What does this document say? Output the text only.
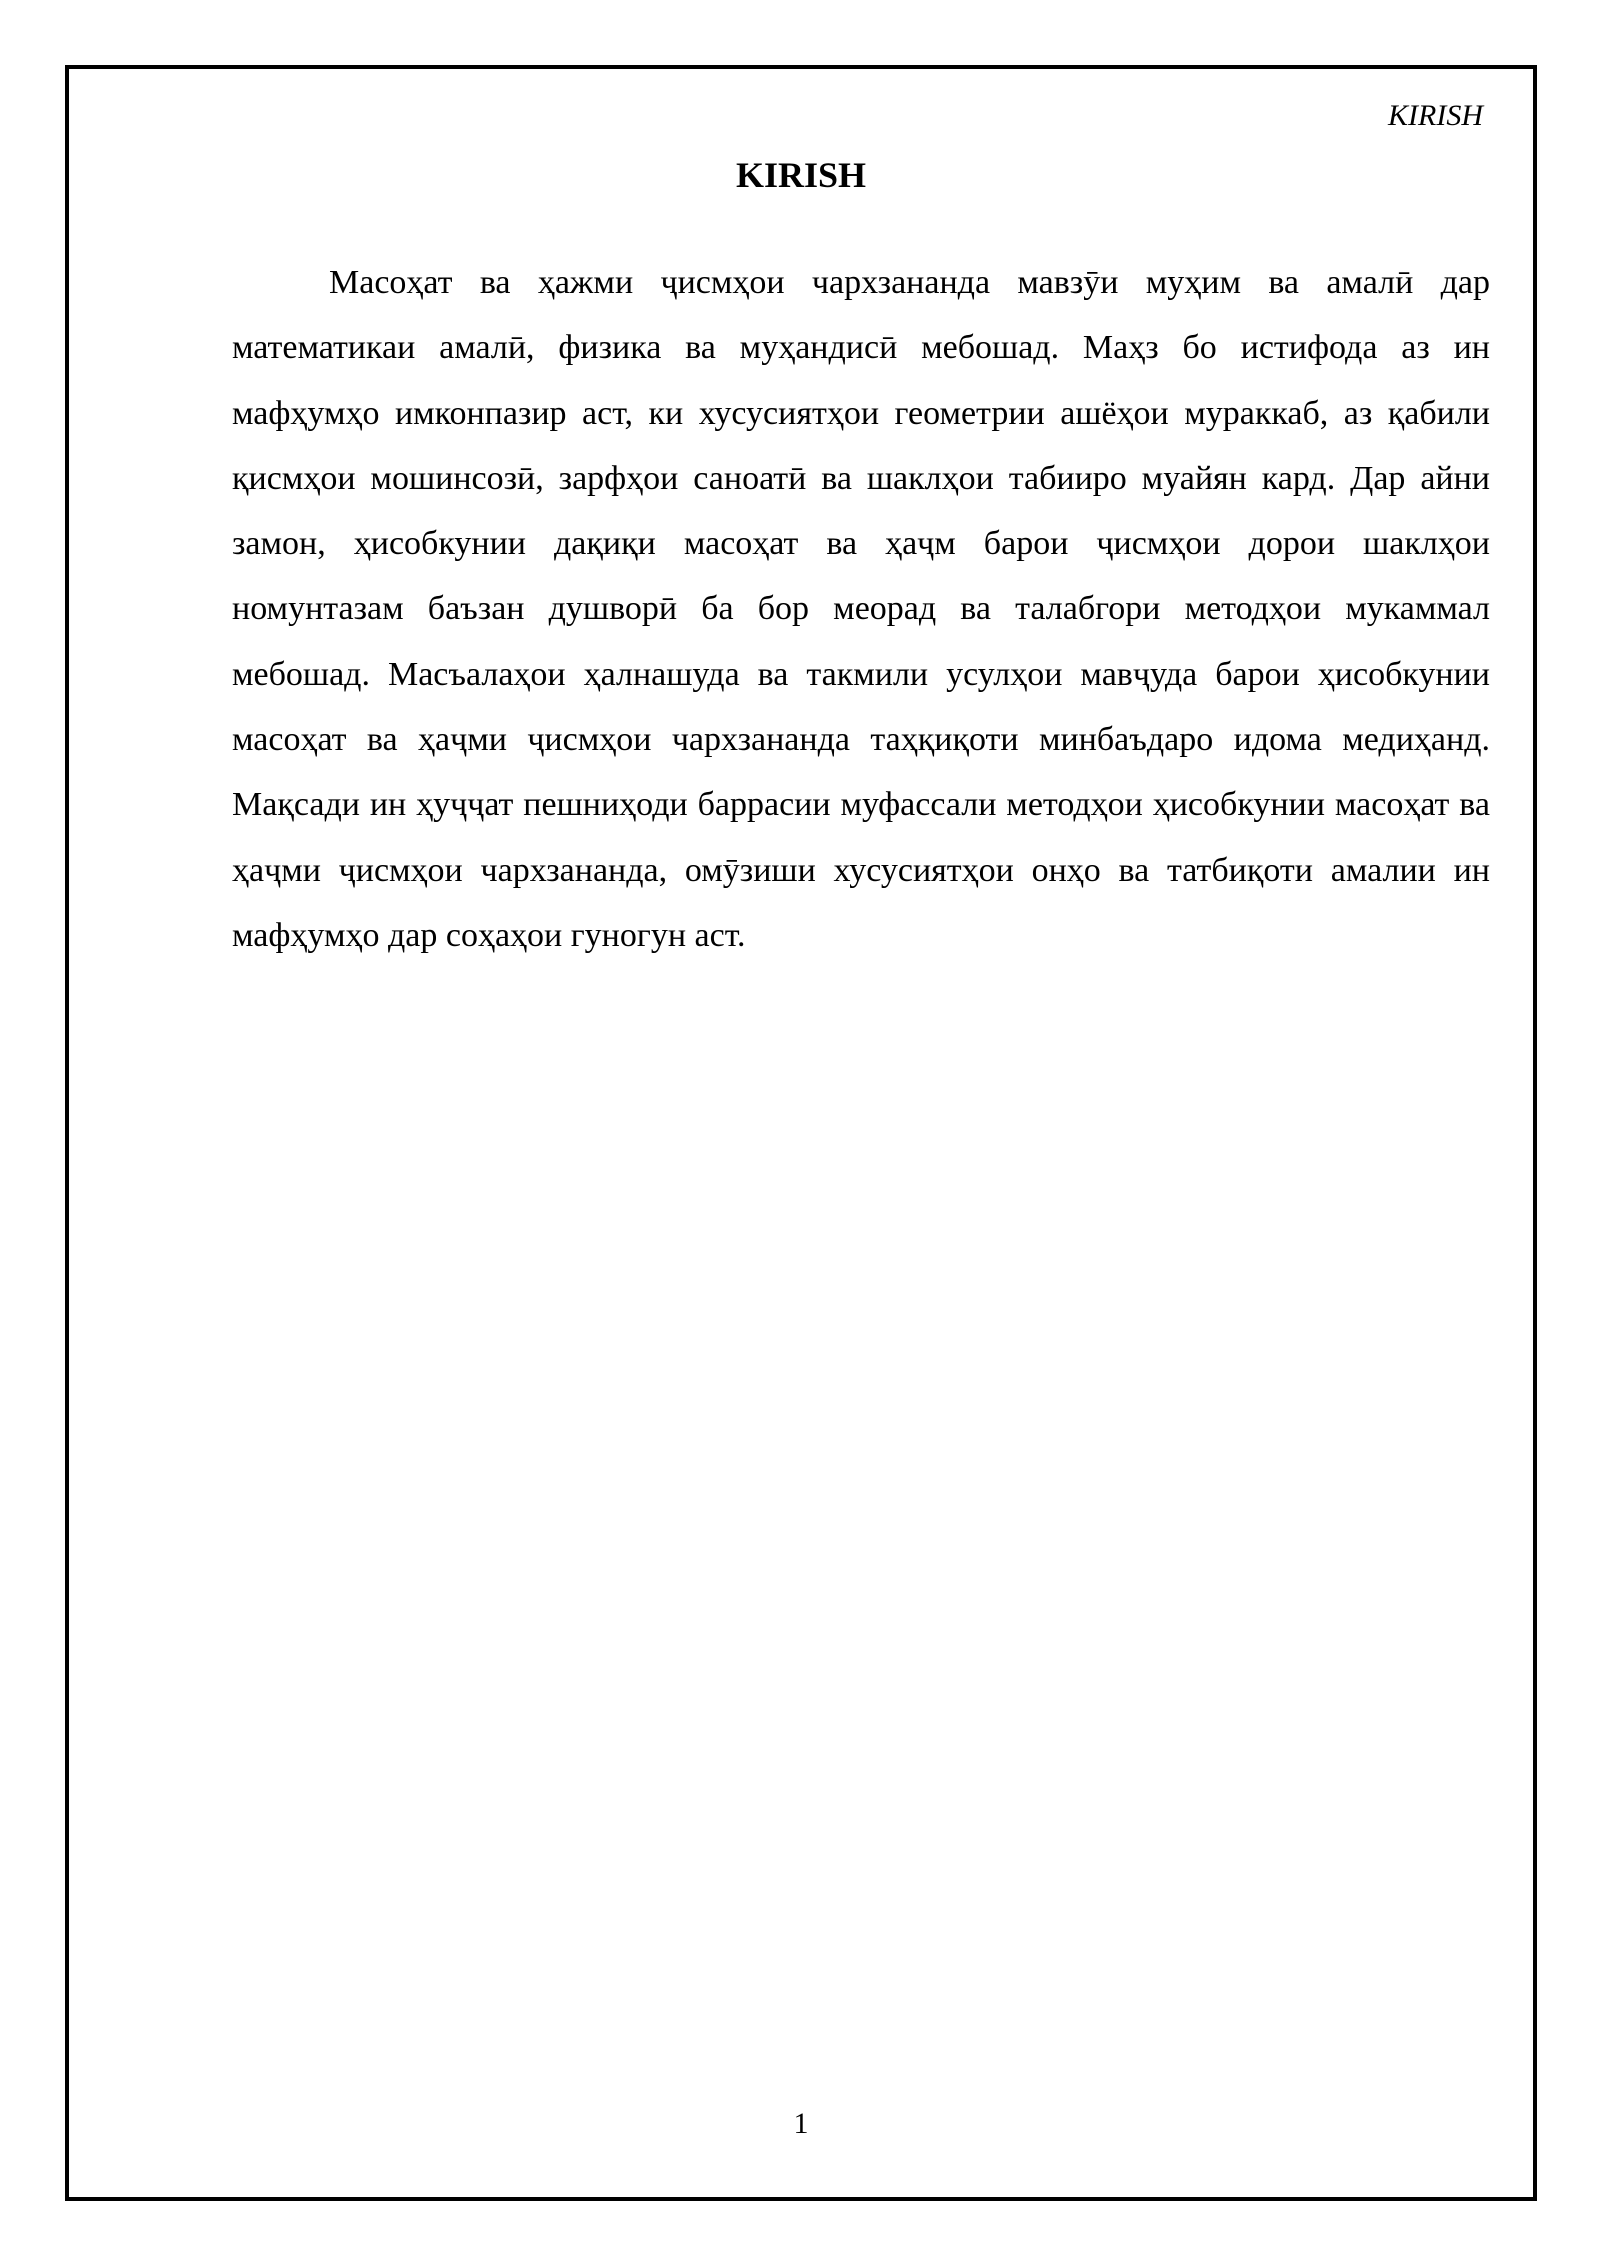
KIRISH
KIRISH

Масоҳат ва ҳажми ҷисмҳои чархзананда мавзӯи муҳим ва амалӣ дар математикаи амалӣ, физика ва муҳандисӣ мебошад. Маҳз бо истифода аз ин мафҳумҳо имконпазир аст, ки хусусиятҳои геометрии ашёҳои мураккаб, аз қабили қисмҳои мошинсозӣ, зарфҳои саноатӣ ва шаклҳои табииро муайян кард. Дар айни замон, ҳисобкунии дақиқи масоҳат ва ҳаҷм барои ҷисмҳои дорои шаклҳои номунтазам баъзан душворӣ ба бор меорад ва талабгори методҳои мукаммал мебошад. Масъалаҳои ҳалнашуда ва такмили усулҳои мавҷуда барои ҳисобкунии масоҳат ва ҳаҷми ҷисмҳои чархзананда таҳқиқоти минбаъдаро идома медиҳанд. Мақсади ин ҳуҷҷат пешниҳоди баррасии муфассали методҳои ҳисобкунии масоҳат ва ҳаҷми ҷисмҳои чархзананда, омӯзиши хусусиятҳои онҳо ва татбиқоти амалии ин мафҳумҳо дар соҳаҳои гуногун аст.

1
